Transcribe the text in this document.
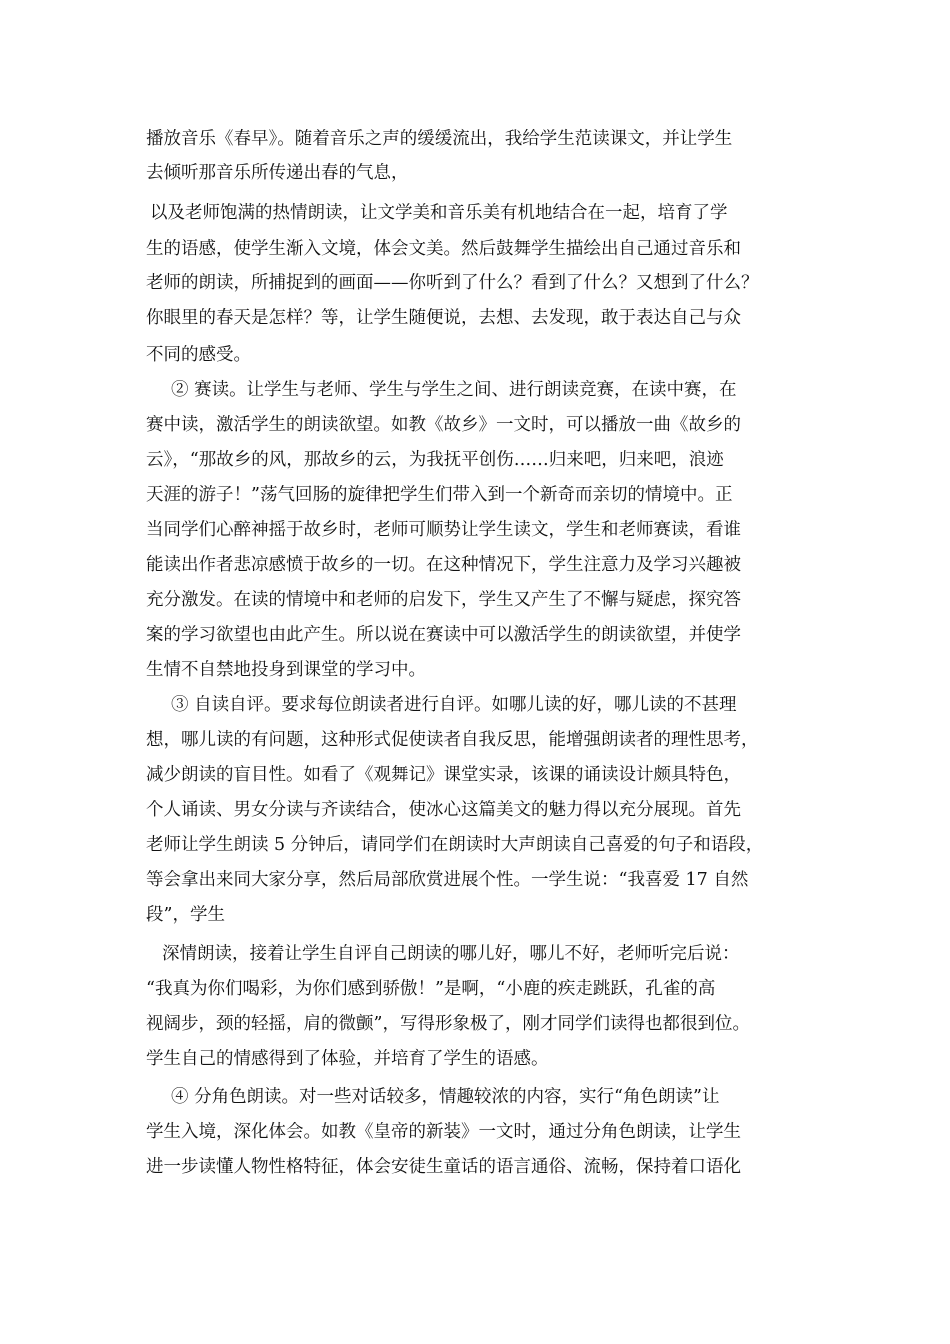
播放音乐《春早》。随着音乐之声的缓缓流出，我给学生范读课文，并让学生
去倾听那音乐所传递出春的气息，
以及老师饱满的热情朗读，让文学美和音乐美有机地结合在一起，培育了学
生的语感，使学生渐入文境，体会文美。然后鼓舞学生描绘出自己通过音乐和
老师的朗读，所捕捉到的画面——你听到了什么？看到了什么？又想到了什么？
你眼里的春天是怎样？等，让学生随便说，去想、去发现，敢于表达自己与众
不同的感受。
② 赛读。让学生与老师、学生与学生之间、进行朗读竞赛，在读中赛，在
赛中读，激活学生的朗读欲望。如教《故乡》一文时，可以播放一曲《故乡的
云》，“那故乡的风，那故乡的云，为我抚平创伤……归来吧，归来吧，浪迹
天涯的游子！”荡气回肠的旋律把学生们带入到一个新奇而亲切的情境中。正
当同学们心醉神摇于故乡时，老师可顺势让学生读文，学生和老师赛读，看谁
能读出作者悲凉感愤于故乡的一切。在这种情况下，学生注意力及学习兴趣被
充分激发。在读的情境中和老师的启发下，学生又产生了不懈与疑虑，探究答
案的学习欲望也由此产生。所以说在赛读中可以激活学生的朗读欲望，并使学
生情不自禁地投身到课堂的学习中。
③ 自读自评。要求每位朗读者进行自评。如哪儿读的好，哪儿读的不甚理
想，哪儿读的有问题，这种形式促使读者自我反思，能增强朗读者的理性思考，
减少朗读的盲目性。如看了《观舞记》课堂实录，该课的诵读设计颇具特色，
个人诵读、男女分读与齐读结合，使冰心这篇美文的魅力得以充分展现。首先
老师让学生朗读 5 分钟后，请同学们在朗读时大声朗读自己喜爱的句子和语段，
等会拿出来同大家分享，然后局部欣赏进展个性。一学生说：“我喜爱 17 自然
段”，学生
深情朗读，接着让学生自评自己朗读的哪儿好，哪儿不好，老师听完后说：
“我真为你们喝彩，为你们感到骄傲！”是啊，“小鹿的疾走跳跃，孔雀的高
视阔步，颈的轻摇，肩的微颤”，写得形象极了，刚才同学们读得也都很到位。
学生自己的情感得到了体验，并培育了学生的语感。
④ 分角色朗读。对一些对话较多，情趣较浓的内容，实行“角色朗读”让
学生入境，深化体会。如教《皇帝的新装》一文时，通过分角色朗读，让学生
进一步读懂人物性格特征，体会安徒生童话的语言通俗、流畅，保持着口语化
